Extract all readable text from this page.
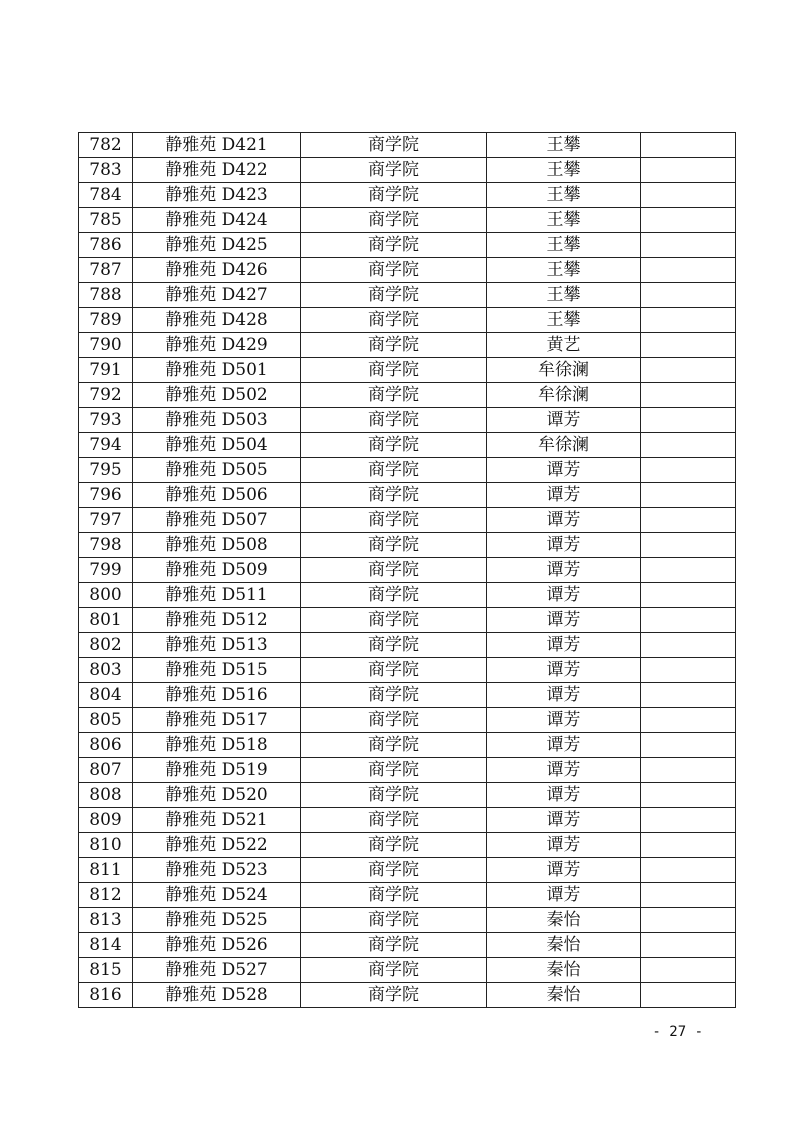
782	静雅苑 D421	商学院	王攀	
783	静雅苑 D422	商学院	王攀	
784	静雅苑 D423	商学院	王攀	
785	静雅苑 D424	商学院	王攀	
786	静雅苑 D425	商学院	王攀	
787	静雅苑 D426	商学院	王攀	
788	静雅苑 D427	商学院	王攀	
789	静雅苑 D428	商学院	王攀	
790	静雅苑 D429	商学院	黄艺	
791	静雅苑 D501	商学院	牟徐澜	
792	静雅苑 D502	商学院	牟徐澜	
793	静雅苑 D503	商学院	谭芳	
794	静雅苑 D504	商学院	牟徐澜	
795	静雅苑 D505	商学院	谭芳	
796	静雅苑 D506	商学院	谭芳	
797	静雅苑 D507	商学院	谭芳	
798	静雅苑 D508	商学院	谭芳	
799	静雅苑 D509	商学院	谭芳	
800	静雅苑 D511	商学院	谭芳	
801	静雅苑 D512	商学院	谭芳	
802	静雅苑 D513	商学院	谭芳	
803	静雅苑 D515	商学院	谭芳	
804	静雅苑 D516	商学院	谭芳	
805	静雅苑 D517	商学院	谭芳	
806	静雅苑 D518	商学院	谭芳	
807	静雅苑 D519	商学院	谭芳	
808	静雅苑 D520	商学院	谭芳	
809	静雅苑 D521	商学院	谭芳	
810	静雅苑 D522	商学院	谭芳	
811	静雅苑 D523	商学院	谭芳	
812	静雅苑 D524	商学院	谭芳	
813	静雅苑 D525	商学院	秦怡	
814	静雅苑 D526	商学院	秦怡	
815	静雅苑 D527	商学院	秦怡	
816	静雅苑 D528	商学院	秦怡	
- 27 -
